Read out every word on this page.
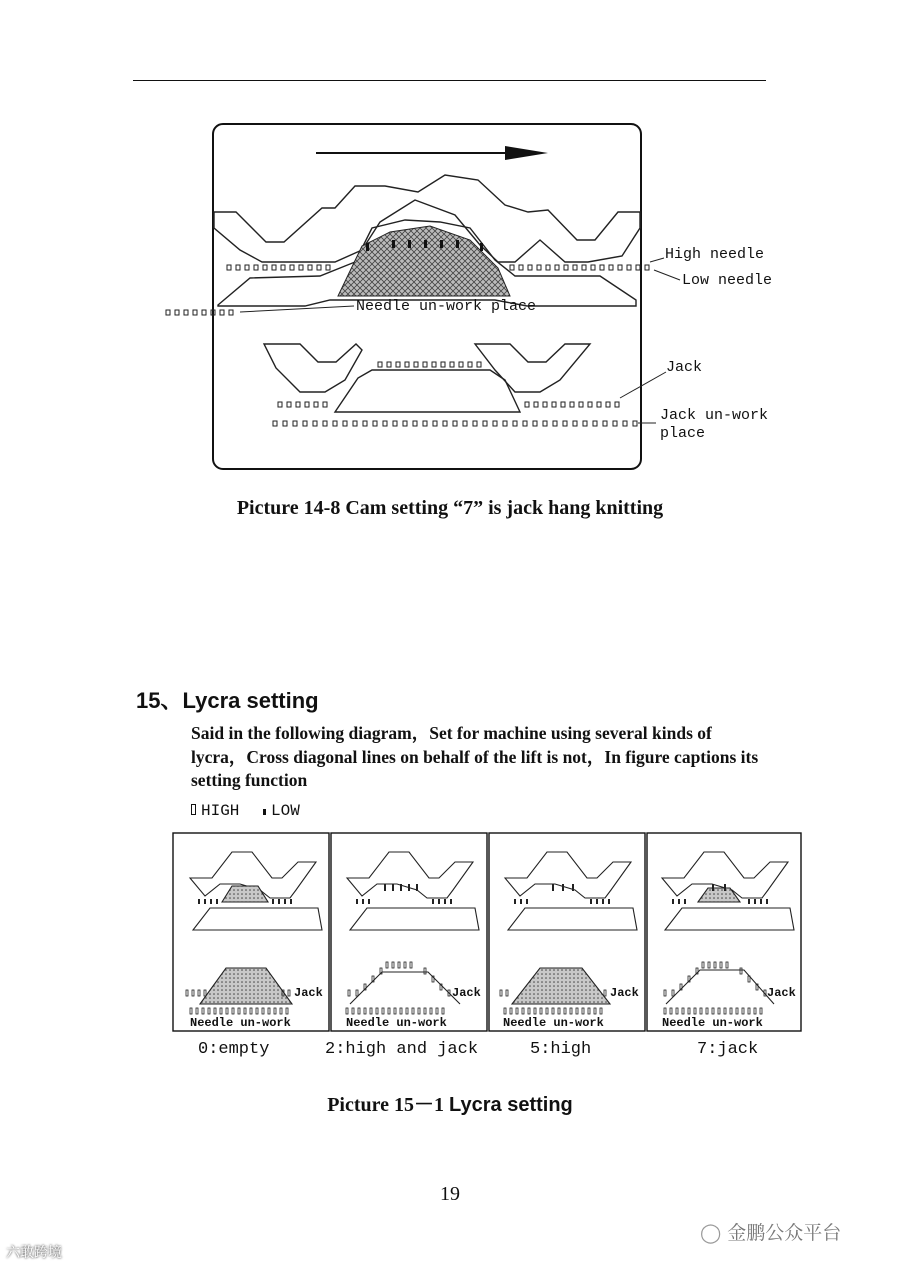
High needle
Low needle
Needle un-work place
Jack
Jack un-work
place
Picture 14-8 Cam setting “7” is jack hang knitting
15、Lycra setting
Said in the following diagram，Set for machine using several kinds of lycra，Cross diagonal lines on behalf of the lift is not，In figure captions its setting function
HIGH LOW
Jack
Needle un-work
Jack
Needle un-work
Jack
Needle un-work
Jack
Needle un-work
0:empty	2:high and jack	5:high	7:jack
Picture 15－1 Lycra setting
19
◯ 金鹏公众平台
六敢跨境
